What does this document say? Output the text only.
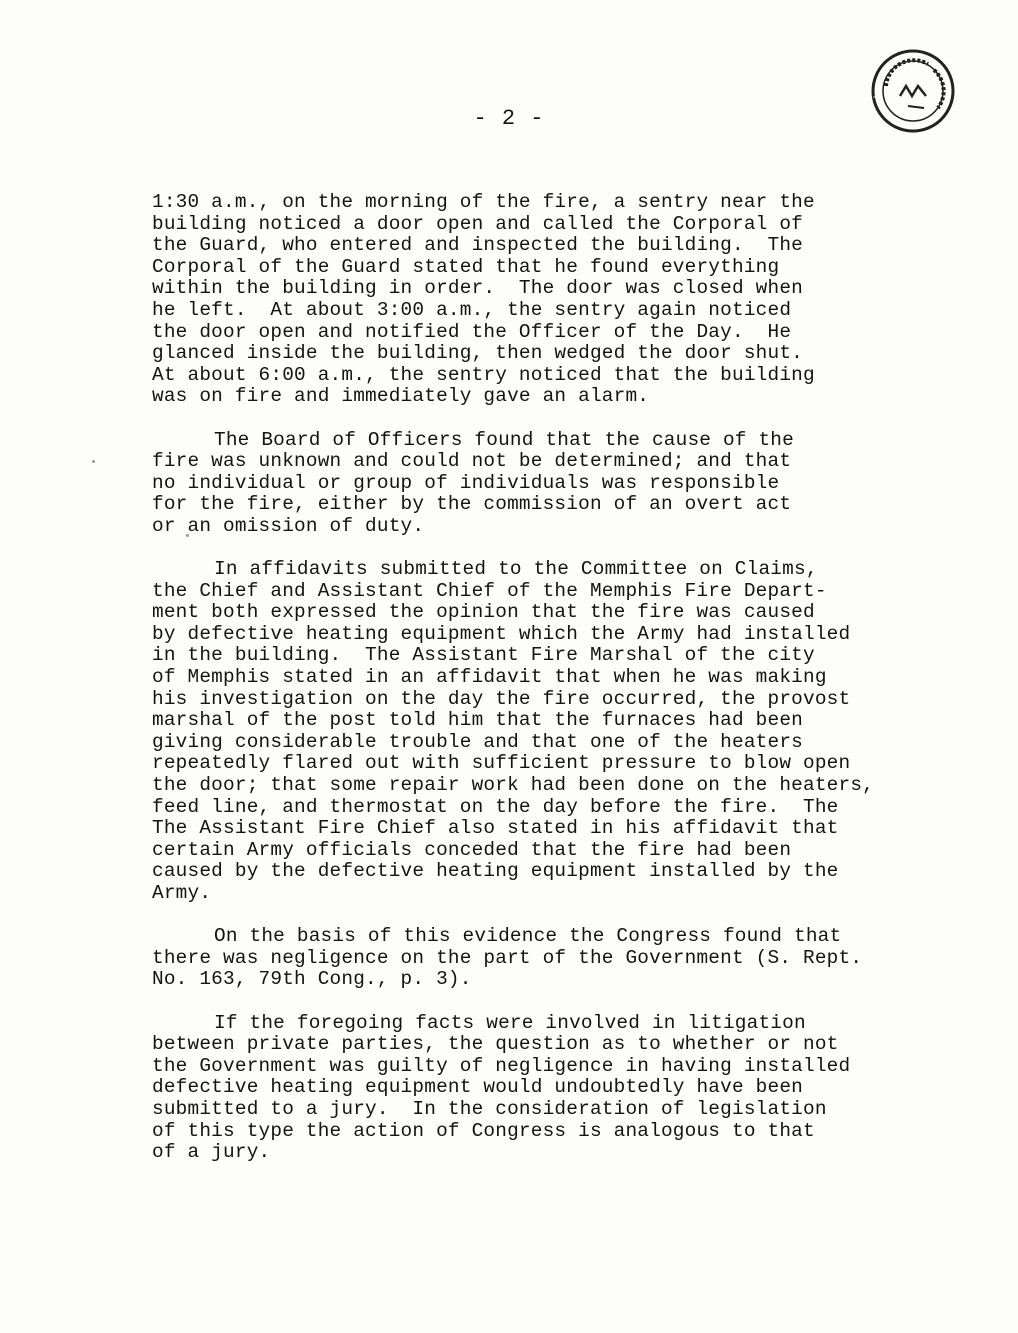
- 2 -
1:30 a.m., on the morning of the fire, a sentry near the
building noticed a door open and called the Corporal of
the Guard, who entered and inspected the building.  The
Corporal of the Guard stated that he found everything
within the building in order.  The door was closed when
he left.  At about 3:00 a.m., the sentry again noticed
the door open and notified the Officer of the Day.  He
glanced inside the building, then wedged the door shut.
At about 6:00 a.m., the sentry noticed that the building
was on fire and immediately gave an alarm.
The Board of Officers found that the cause of the
fire was unknown and could not be determined; and that
no individual or group of individuals was responsible
for the fire, either by the commission of an overt act
or an omission of duty.
In affidavits submitted to the Committee on Claims,
the Chief and Assistant Chief of the Memphis Fire Depart-
ment both expressed the opinion that the fire was caused
by defective heating equipment which the Army had installed
in the building.  The Assistant Fire Marshal of the city
of Memphis stated in an affidavit that when he was making
his investigation on the day the fire occurred, the provost
marshal of the post told him that the furnaces had been
giving considerable trouble and that one of the heaters
repeatedly flared out with sufficient pressure to blow open
the door; that some repair work had been done on the heaters,
feed line, and thermostat on the day before the fire.  The
The Assistant Fire Chief also stated in his affidavit that
certain Army officials conceded that the fire had been
caused by the defective heating equipment installed by the
Army.
On the basis of this evidence the Congress found that
there was negligence on the part of the Government (S. Rept.
No. 163, 79th Cong., p. 3).
If the foregoing facts were involved in litigation
between private parties, the question as to whether or not
the Government was guilty of negligence in having installed
defective heating equipment would undoubtedly have been
submitted to a jury.  In the consideration of legislation
of this type the action of Congress is analogous to that
of a jury.
